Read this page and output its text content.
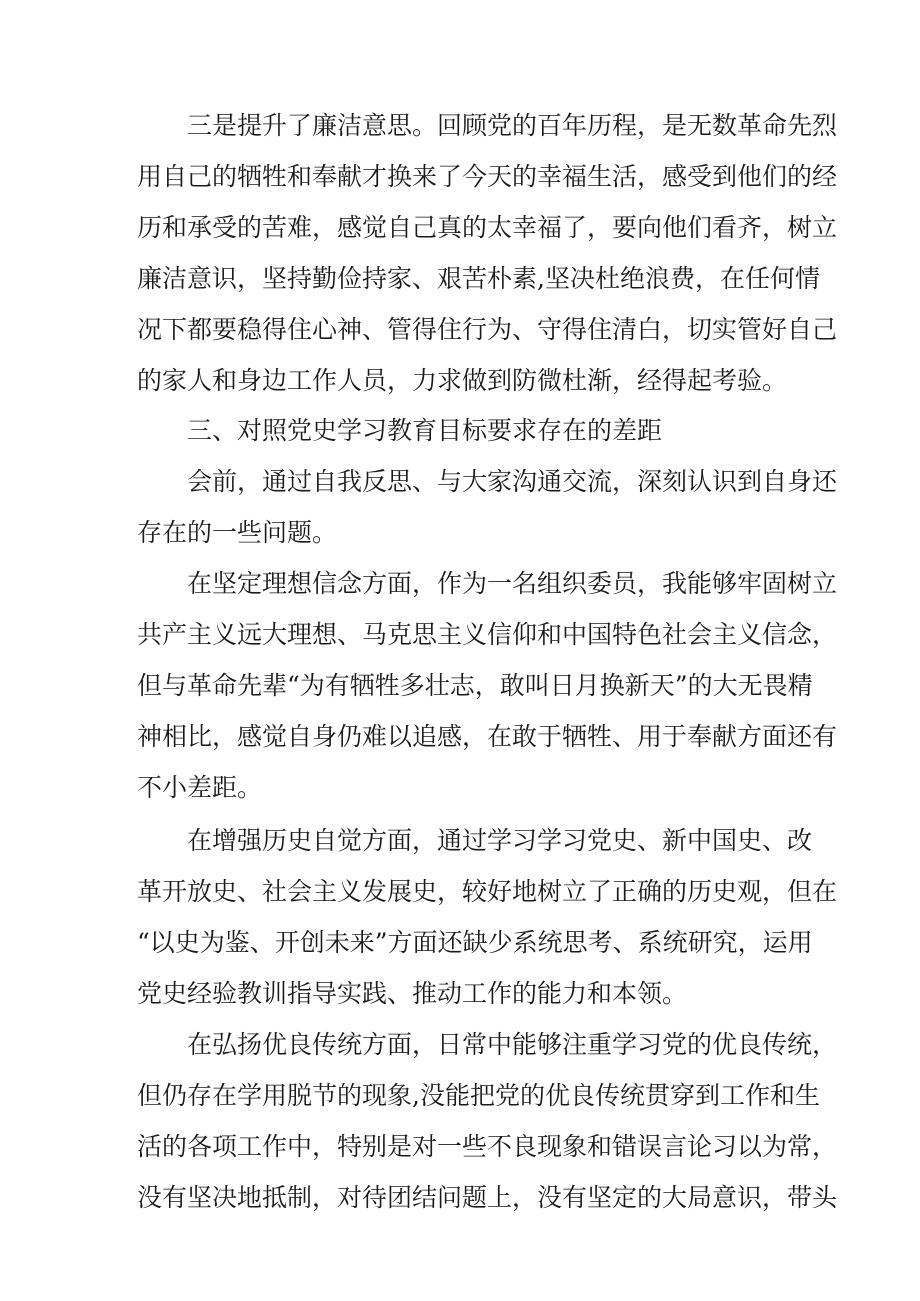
三是提升了廉洁意思。回顾党的百年历程，是无数革命先烈
用自己的牺牲和奉献才换来了今天的幸福生活，感受到他们的经
历和承受的苦难，感觉自己真的太幸福了，要向他们看齐，树立
廉洁意识，坚持勤俭持家、艰苦朴素,坚决杜绝浪费，在任何情
况下都要稳得住心神、管得住行为、守得住清白，切实管好自己
的家人和身边工作人员，力求做到防微杜渐，经得起考验。
三、对照党史学习教育目标要求存在的差距
会前，通过自我反思、与大家沟通交流，深刻认识到自身还
存在的一些问题。
在坚定理想信念方面，作为一名组织委员，我能够牢固树立
共产主义远大理想、马克思主义信仰和中国特色社会主义信念，
但与革命先辈“为有牺牲多壮志，敢叫日月换新天”的大无畏精
神相比，感觉自身仍难以追感，在敢于牺牲、用于奉献方面还有
不小差距。
在增强历史自觉方面，通过学习学习党史、新中国史、改
革开放史、社会主义发展史，较好地树立了正确的历史观，但在
“以史为鉴、开创未来”方面还缺少系统思考、系统研究，运用
党史经验教训指导实践、推动工作的能力和本领。
在弘扬优良传统方面，日常中能够注重学习党的优良传统，
但仍存在学用脱节的现象,没能把党的优良传统贯穿到工作和生
活的各项工作中，特别是对一些不良现象和错误言论习以为常，
没有坚决地抵制，对待团结问题上，没有坚定的大局意识，带头
